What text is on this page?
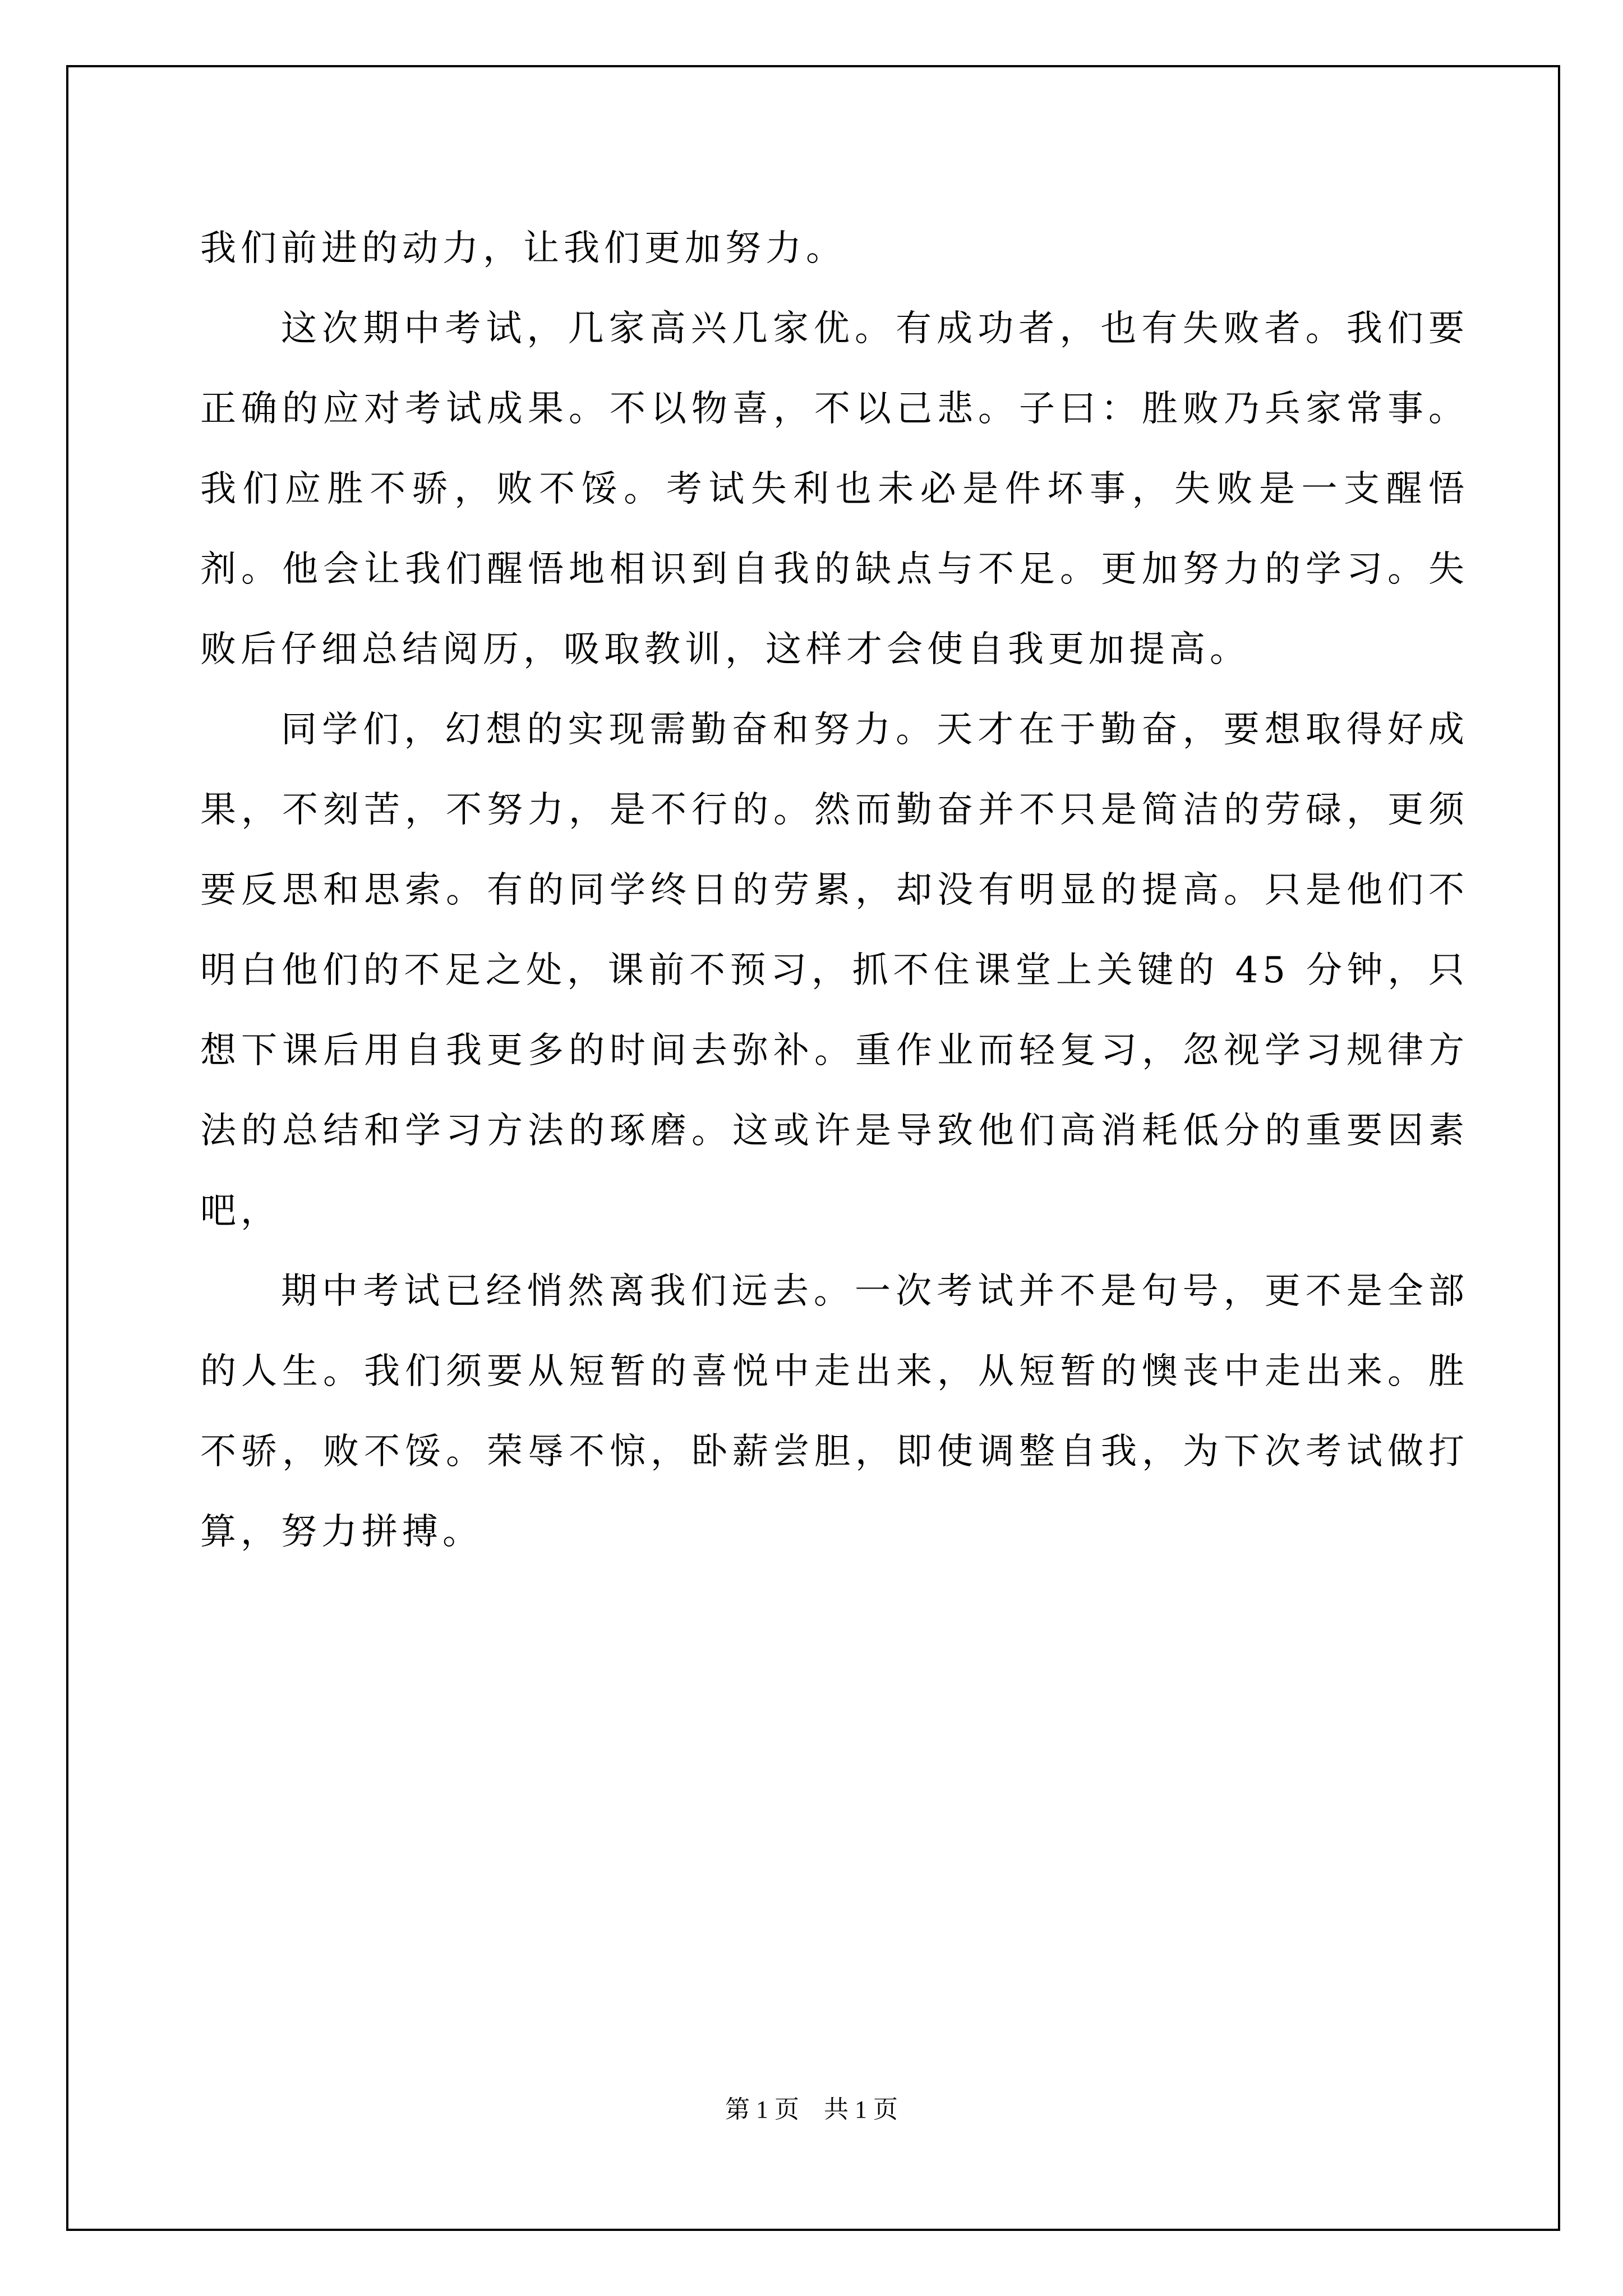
我们前进的动力，让我们更加努力。

这次期中考试，几家高兴几家优。有成功者，也有失败者。我们要正确的应对考试成果。不以物喜，不以己悲。子曰：胜败乃兵家常事。我们应胜不骄，败不馁。考试失利也未必是件坏事，失败是一支醒悟剂。他会让我们醒悟地相识到自我的缺点与不足。更加努力的学习。失败后仔细总结阅历，吸取教训，这样才会使自我更加提高。

同学们，幻想的实现需勤奋和努力。天才在于勤奋，要想取得好成果，不刻苦，不努力，是不行的。然而勤奋并不只是简洁的劳碌，更须要反思和思索。有的同学终日的劳累，却没有明显的提高。只是他们不明白他们的不足之处，课前不预习，抓不住课堂上关键的 45 分钟，只想下课后用自我更多的时间去弥补。重作业而轻复习，忽视学习规律方法的总结和学习方法的琢磨。这或许是导致他们高消耗低分的重要因素吧，

期中考试已经悄然离我们远去。一次考试并不是句号，更不是全部的人生。我们须要从短暂的喜悦中走出来，从短暂的懊丧中走出来。胜不骄，败不馁。荣辱不惊，卧薪尝胆，即使调整自我，为下次考试做打算，努力拼搏。

第 1 页　共 1 页
